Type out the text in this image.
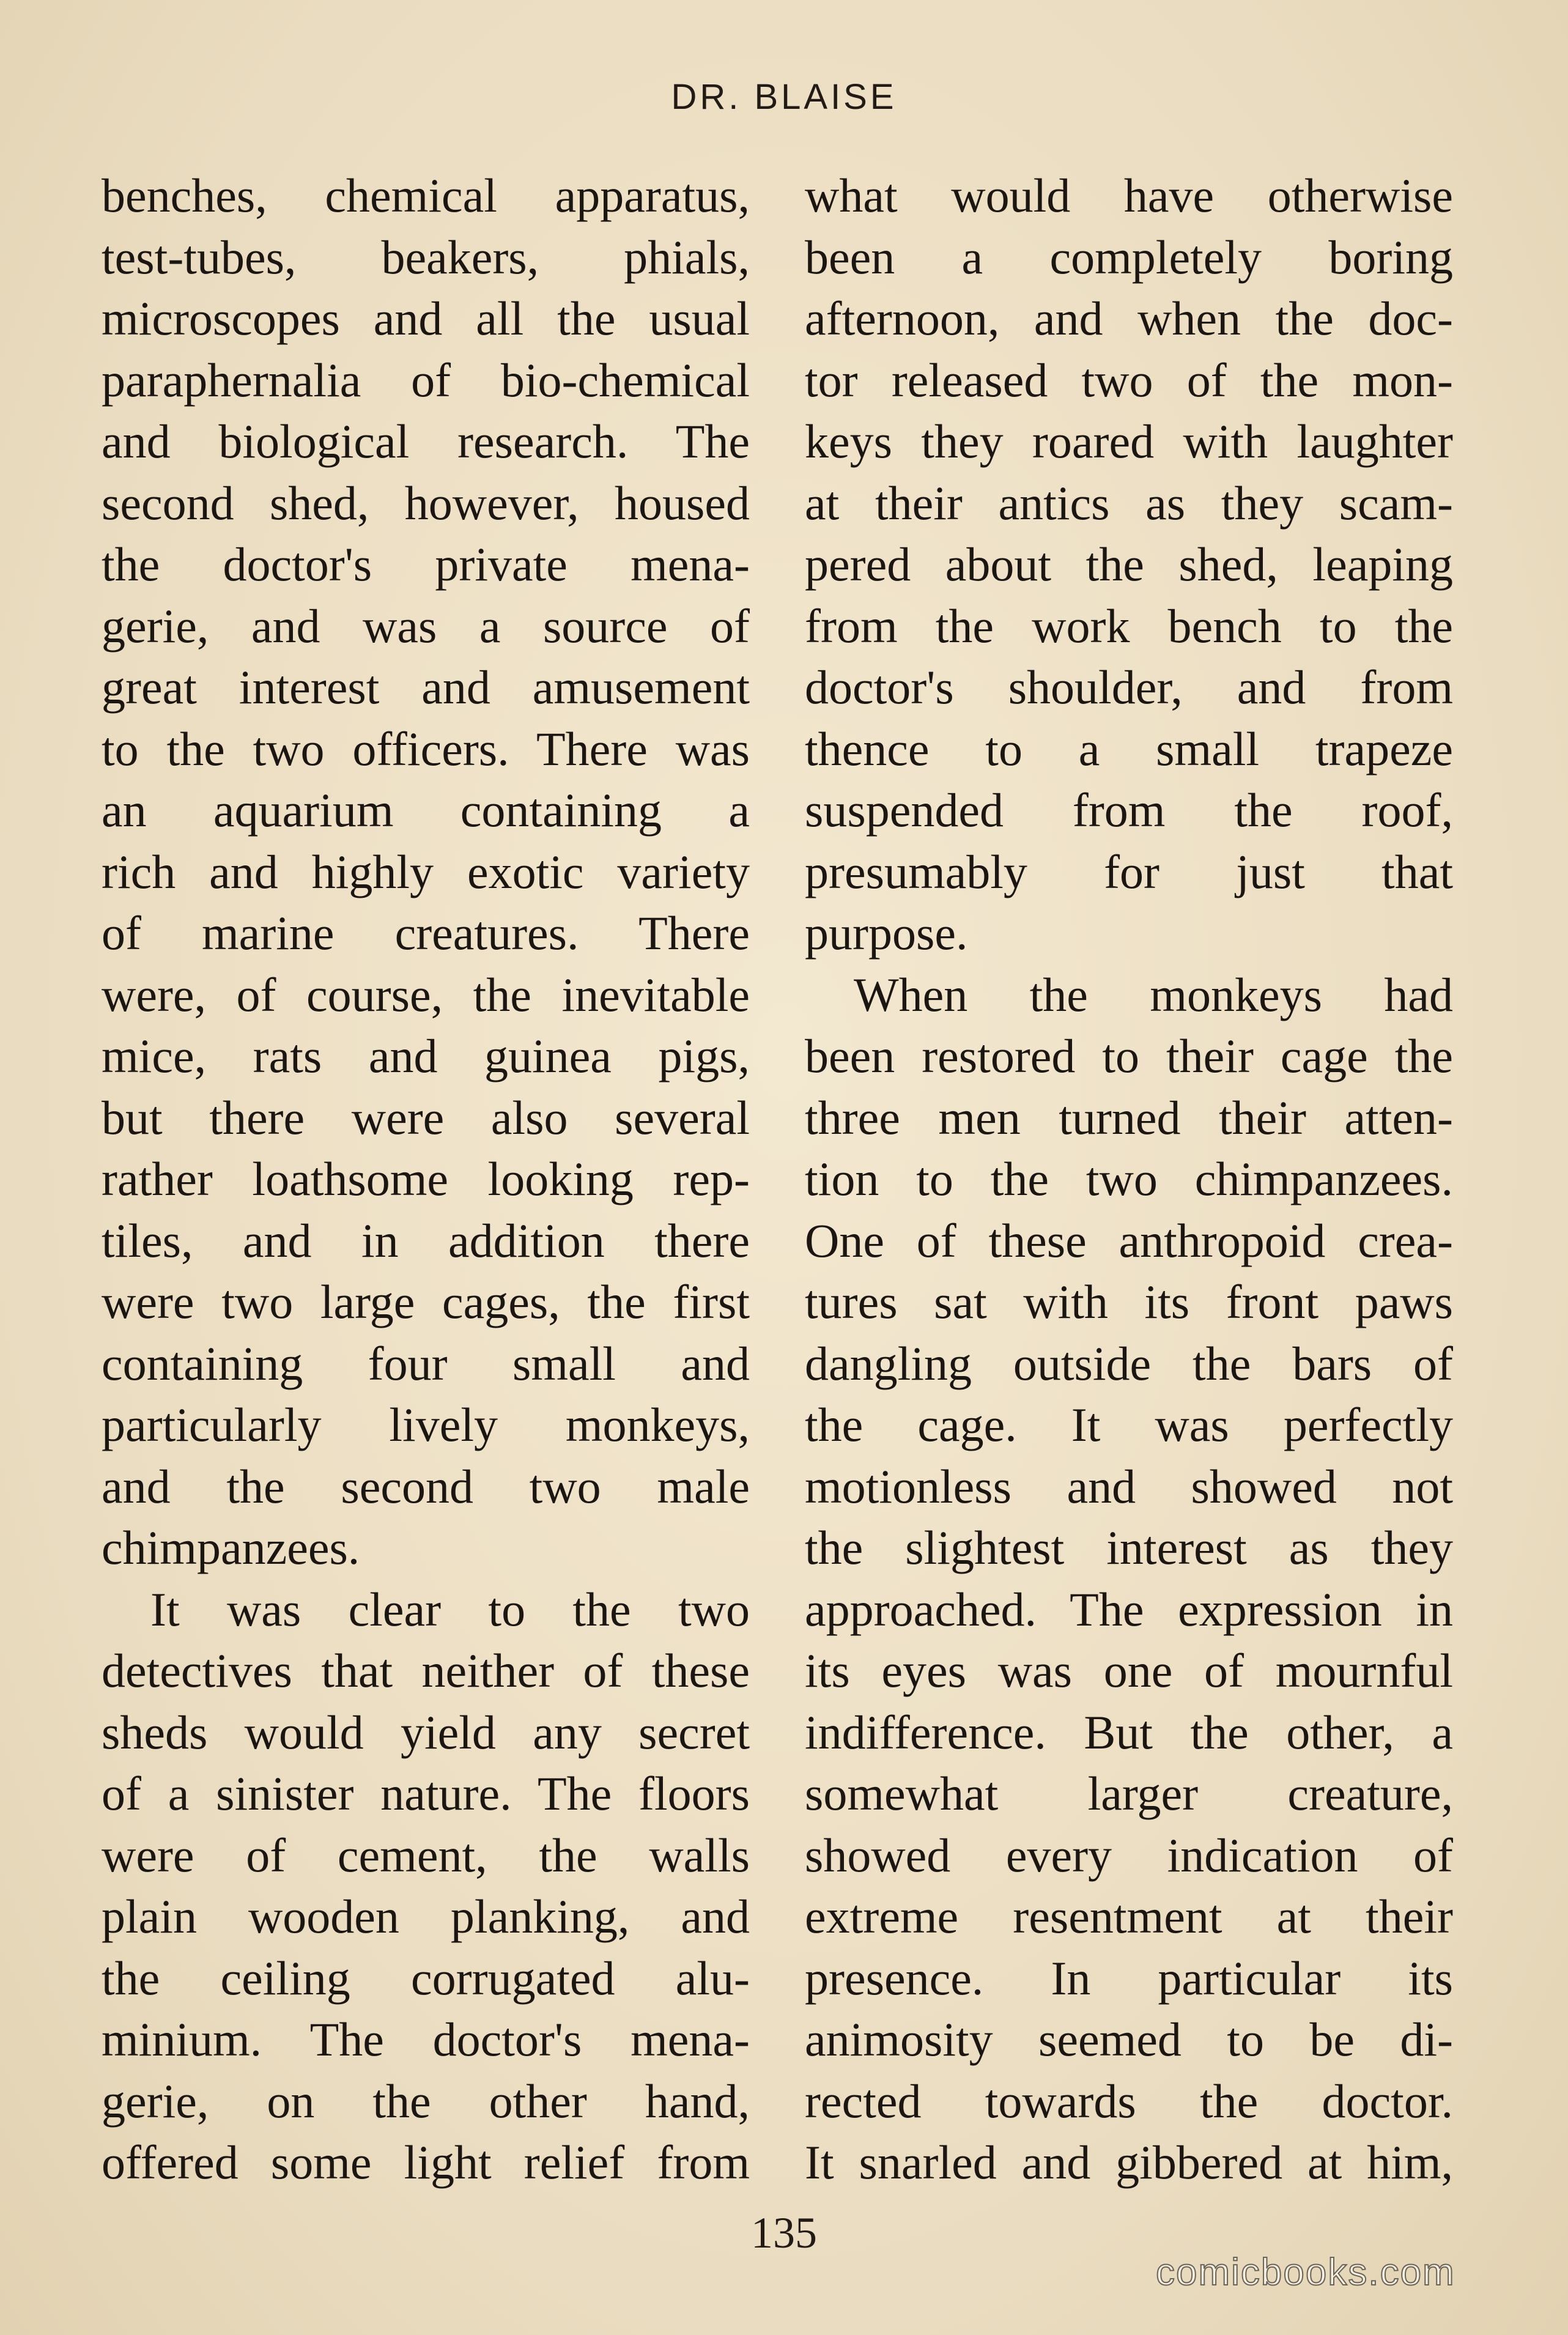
DR. BLAISE
benches, chemical apparatus,
test-tubes, beakers, phials,
microscopes and all the usual
paraphernalia of bio-chemical
and biological research. The
second shed, however, housed
the doctor's private mena-
gerie, and was a source of
great interest and amusement
to the two officers. There was
an aquarium containing a
rich and highly exotic variety
of marine creatures. There
were, of course, the inevitable
mice, rats and guinea pigs,
but there were also several
rather loathsome looking rep-
tiles, and in addition there
were two large cages, the first
containing four small and
particularly lively monkeys,
and the second two male
chimpanzees.
It was clear to the two
detectives that neither of these
sheds would yield any secret
of a sinister nature. The floors
were of cement, the walls
plain wooden planking, and
the ceiling corrugated alu-
minium. The doctor's mena-
gerie, on the other hand,
offered some light relief from
what would have otherwise
been a completely boring
afternoon, and when the doc-
tor released two of the mon-
keys they roared with laughter
at their antics as they scam-
pered about the shed, leaping
from the work bench to the
doctor's shoulder, and from
thence to a small trapeze
suspended from the roof,
presumably for just that
purpose.
When the monkeys had
been restored to their cage the
three men turned their atten-
tion to the two chimpanzees.
One of these anthropoid crea-
tures sat with its front paws
dangling outside the bars of
the cage. It was perfectly
motionless and showed not
the slightest interest as they
approached. The expression in
its eyes was one of mournful
indifference. But the other, a
somewhat larger creature,
showed every indication of
extreme resentment at their
presence. In particular its
animosity seemed to be di-
rected towards the doctor.
It snarled and gibbered at him,
135
comicbooks.com
